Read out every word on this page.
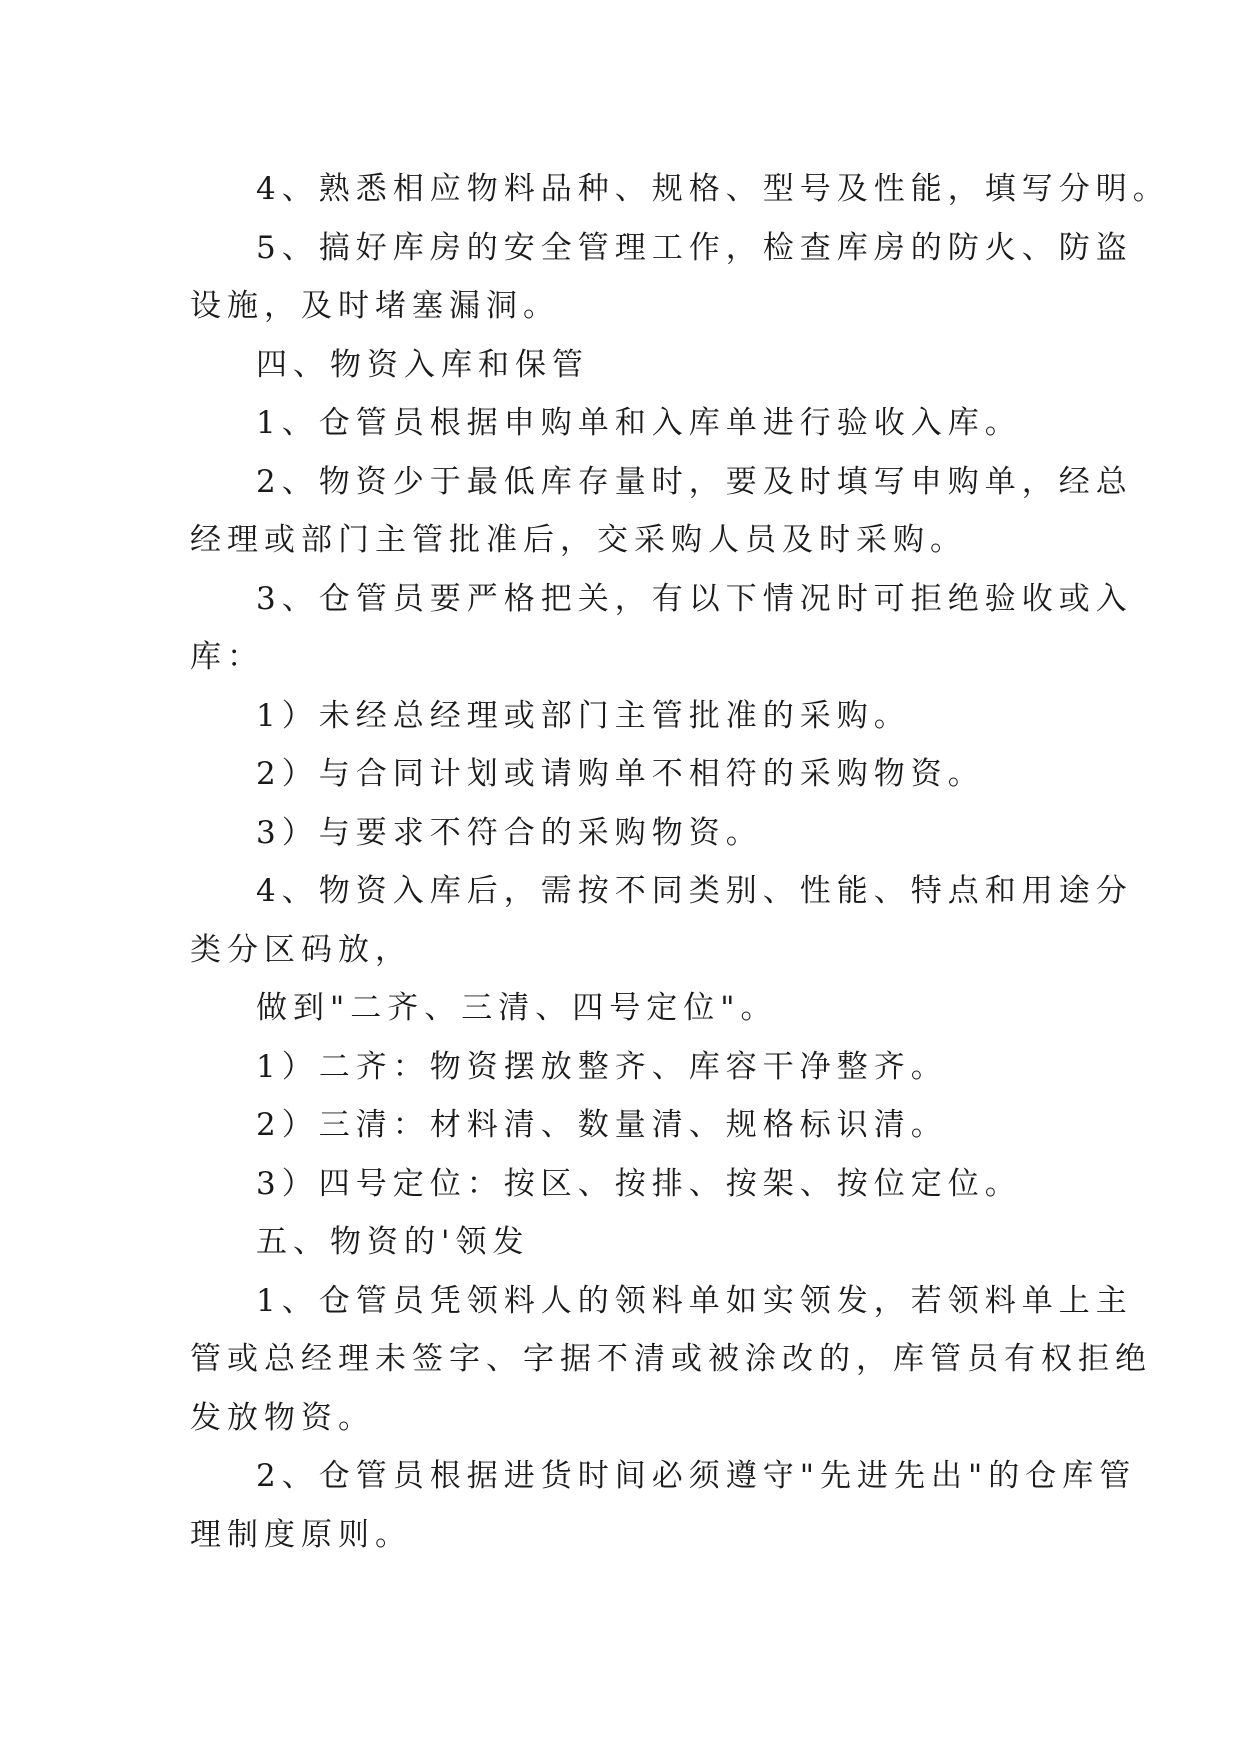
4、熟悉相应物料品种、规格、型号及性能，填写分明。
5、搞好库房的安全管理工作，检查库房的防火、防盗
设施，及时堵塞漏洞。
四、物资入库和保管
1、仓管员根据申购单和入库单进行验收入库。
2、物资少于最低库存量时，要及时填写申购单，经总
经理或部门主管批准后，交采购人员及时采购。
3、仓管员要严格把关，有以下情况时可拒绝验收或入
库：
1）未经总经理或部门主管批准的采购。
2）与合同计划或请购单不相符的采购物资。
3）与要求不符合的采购物资。
4、物资入库后，需按不同类别、性能、特点和用途分
类分区码放，
做到"二齐、三清、四号定位"。
1）二齐：物资摆放整齐、库容干净整齐。
2）三清：材料清、数量清、规格标识清。
3）四号定位：按区、按排、按架、按位定位。
五、物资的'领发
1、仓管员凭领料人的领料单如实领发，若领料单上主
管或总经理未签字、字据不清或被涂改的，库管员有权拒绝
发放物资。
2、仓管员根据进货时间必须遵守"先进先出"的仓库管
理制度原则。
